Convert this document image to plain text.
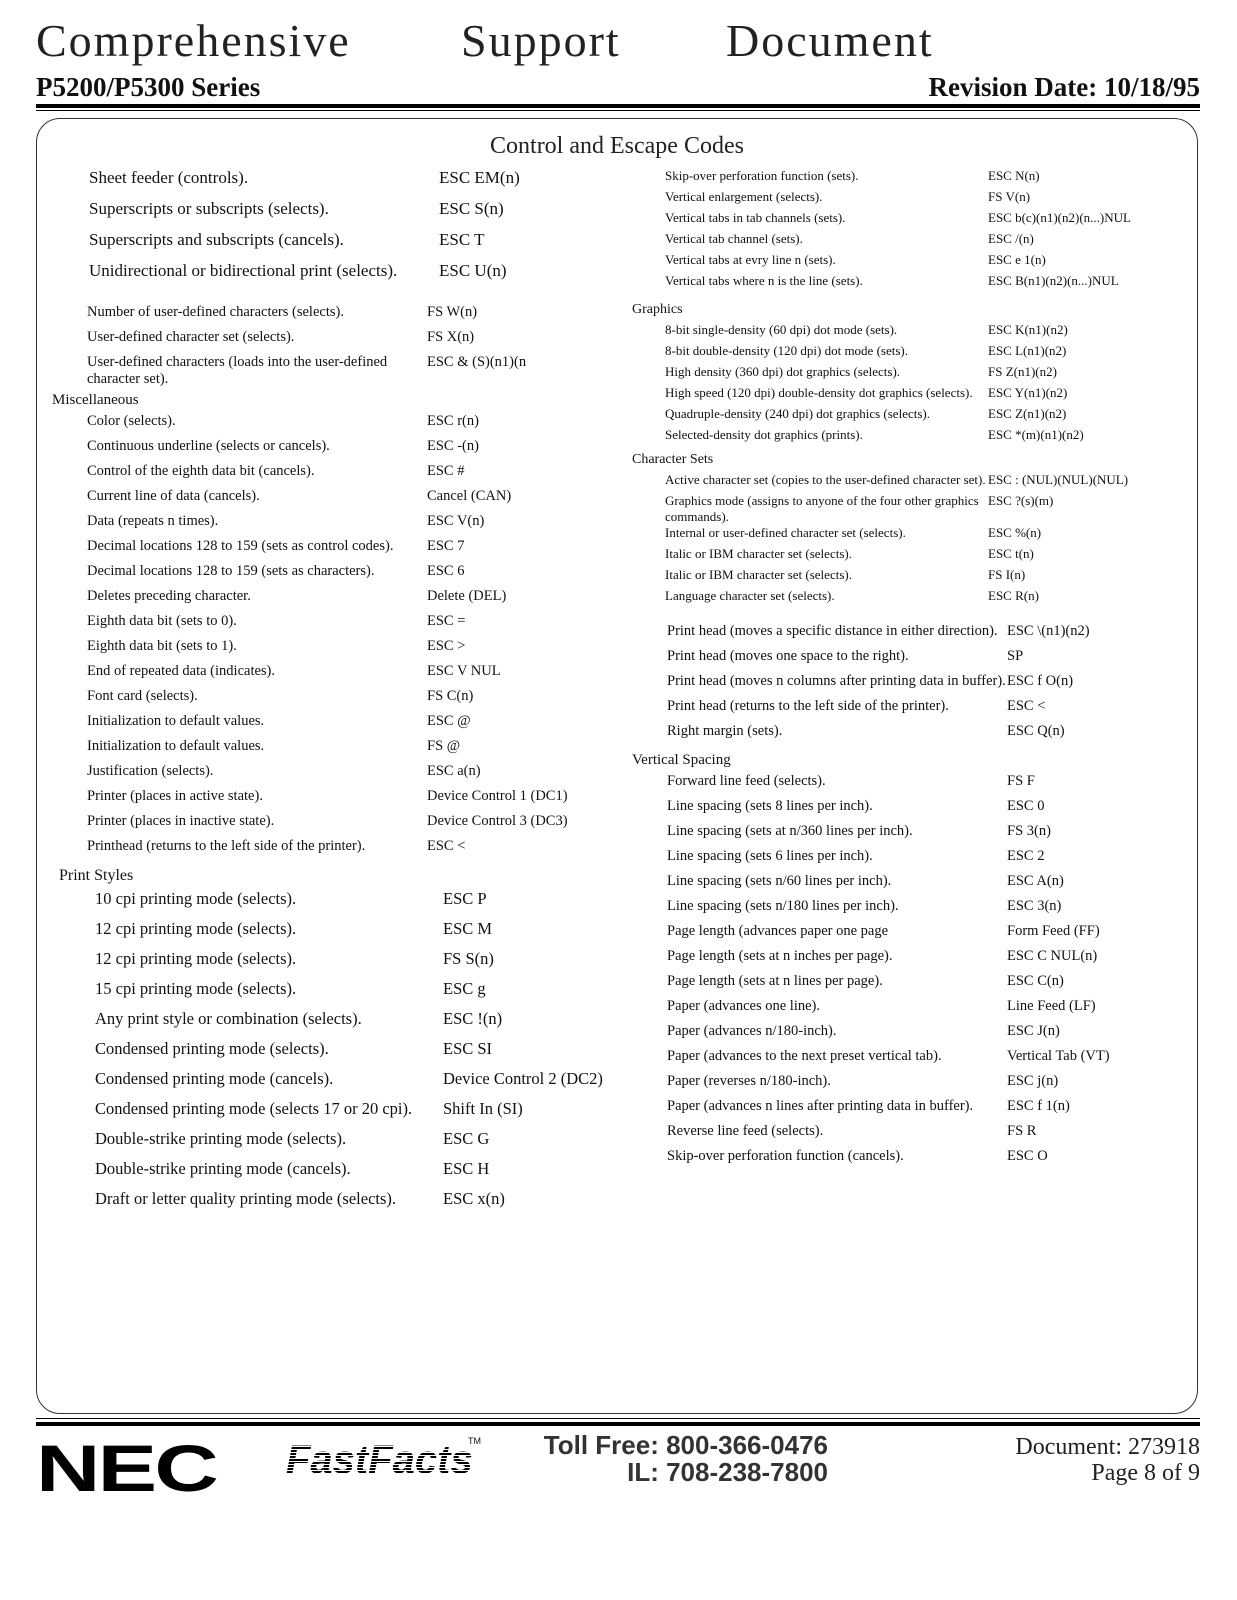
Comprehensive Support Document
P5200/P5300 Series	Revision Date: 10/18/95
Control and Escape Codes
Sheet feeder (controls).	ESC EM(n)
Superscripts or subscripts (selects).	ESC S(n)
Superscripts and subscripts (cancels).	ESC T
Unidirectional or bidirectional print (selects).	ESC U(n)
Number of user-defined characters (selects).	FS W(n)
User-defined character set (selects).	FS X(n)
User-defined characters (loads into the user-defined character set).
ESC & (S)(n1)(n
Miscellaneous
Color (selects).	ESC r(n)
Continuous underline (selects or cancels).	ESC -(n)
Control of the eighth data bit (cancels).	ESC #
Current line of data (cancels).	Cancel (CAN)
Data (repeats n times).	ESC V(n)
Decimal locations 128 to 159 (sets as control codes).	ESC 7
Decimal locations 128 to 159 (sets as characters).	ESC 6
Deletes preceding character.	Delete (DEL)
Eighth data bit (sets to 0).	ESC =
Eighth data bit (sets to 1).	ESC >
End of repeated data (indicates).	ESC V NUL
Font card (selects).	FS C(n)
Initialization to default values.	ESC @
Initialization to default values.	FS @
Justification (selects).	ESC a(n)
Printer (places in active state).	Device Control 1 (DC1)
Printer (places in inactive state).	Device Control 3 (DC3)
Printhead (returns to the left side of the printer).	ESC <
Print Styles
10 cpi printing mode (selects).	ESC P
12 cpi printing mode (selects).	ESC M
12 cpi printing mode (selects).	FS S(n)
15 cpi printing mode (selects).	ESC g
Any print style or combination (selects).	ESC !(n)
Condensed printing mode (selects).	ESC SI
Condensed printing mode (cancels).	Device Control 2 (DC2)
Condensed printing mode (selects 17 or 20 cpi).	Shift In (SI)
Double-strike printing mode (selects).	ESC G
Double-strike printing mode (cancels).	ESC H
Draft or letter quality printing mode (selects).	ESC x(n)
Skip-over perforation function (sets).	ESC N(n)
Vertical enlargement (selects).	FS V(n)
Vertical tabs in tab channels (sets).	ESC b(c)(n1)(n2)(n...)NUL
Vertical tab channel (sets).	ESC /(n)
Vertical tabs at evry line n (sets).	ESC e 1(n)
Vertical tabs where n is the line (sets).	ESC B(n1)(n2)(n...)NUL
Graphics
8-bit single-density (60 dpi) dot mode (sets).	ESC K(n1)(n2)
8-bit double-density (120 dpi) dot mode (sets).	ESC L(n1)(n2)
High density (360 dpi) dot graphics (selects).	FS Z(n1)(n2)
High speed (120 dpi) double-density dot graphics (selects).	ESC Y(n1)(n2)
Quadruple-density (240 dpi) dot graphics (selects).	ESC Z(n1)(n2)
Selected-density dot graphics (prints).	ESC *(m)(n1)(n2)
Character Sets
Active character set (copies to the user-defined character set). ESC : (NUL)(NUL)(NUL)
Graphics mode (assigns to anyone of the four other graphics commands).
ESC ?(s)(m)
Internal or user-defined character set (selects).	ESC %(n)
Italic or IBM character set (selects).	ESC t(n)
Italic or IBM character set (selects).	FS I(n)
Language character set (selects).	ESC R(n)
Print head (moves a specific distance in either direction). ESC \(n1)(n2)
Print head (moves one space to the right).	SP
Print head (moves n columns after printing data in buffer). ESC f O(n)
Print head (returns to the left side of the printer).	ESC <
Right margin (sets).	ESC Q(n)
Vertical Spacing
Forward line feed (selects).	FS F
Line spacing (sets 8 lines per inch).	ESC 0
Line spacing (sets at n/360 lines per inch).	FS 3(n)
Line spacing (sets 6 lines per inch).	ESC 2
Line spacing (sets n/60 lines per inch).	ESC A(n)
Line spacing (sets n/180 lines per inch).	ESC 3(n)
Page length (advances paper one page	Form Feed (FF)
Page length (sets at n inches per page).	ESC C NUL(n)
Page length (sets at n lines per page).	ESC C(n)
Paper (advances one line).	Line Feed (LF)
Paper (advances n/180-inch).	ESC J(n)
Paper (advances to the next preset vertical tab).	Vertical Tab (VT)
Paper (reverses n/180-inch).	ESC j(n)
Paper (advances n lines after printing data in buffer).	ESC f 1(n)
Reverse line feed (selects).	FS R
Skip-over perforation function (cancels).	ESC O
NEC FastFacts
TM	Toll Free: 800-366-0476
IL: 708-238-7800
Document: 273918
Page 8 of 9
